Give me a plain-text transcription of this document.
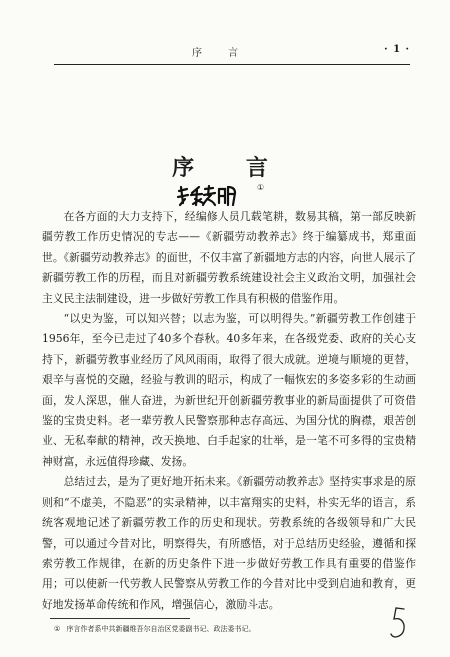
序　言	· 1 ·
序 言
①

在各方面的大力支持下，经编修人员几载笔耕，数易其稿，第一部反映新疆劳教工作历史情况的专志——《新疆劳动教养志》终于编纂成书，郑重面世。《新疆劳动教养志》的面世，不仅丰富了新疆地方志的内容，向世人展示了新疆劳教工作的历程，而且对新疆劳教系统建设社会主义政治文明，加强社会主义民主法制建设，进一步做好劳教工作具有积极的借鉴作用。

“以史为鉴，可以知兴替；以志为鉴，可以明得失。”新疆劳教工作创建于1956年，至今已走过了40多个春秋。40多年来，在各级党委、政府的关心支持下，新疆劳教事业经历了风风雨雨，取得了很大成就。逆境与顺境的更替，艰辛与喜悦的交融，经验与教训的昭示，构成了一幅恢宏的多姿多彩的生动画面，发人深思，催人奋进，为新世纪开创新疆劳教事业的新局面提供了可资借鉴的宝贵史料。老一辈劳教人民警察那种志存高远、为国分忧的胸襟，艰苦创业、无私奉献的精神，改天换地、白手起家的壮举，是一笔不可多得的宝贵精神财富，永远值得珍藏、发扬。

总结过去，是为了更好地开拓未来。《新疆劳动教养志》坚持实事求是的原则和“不虚美，不隐恶”的实录精神，以丰富翔实的史料，朴实无华的语言，系统客观地记述了新疆劳教工作的历史和现状。劳教系统的各级领导和广大民警，可以通过今昔对比，明察得失，有所感悟，对于总结历史经验，遵循和探索劳教工作规律，在新的历史条件下进一步做好劳教工作具有重要的借鉴作用；可以使新一代劳教人民警察从劳教工作的今昔对比中受到启迪和教育，更好地发扬革命传统和作风，增强信心，激励斗志。

① 序言作者系中共新疆维吾尔自治区党委副书记、政法委书记。
